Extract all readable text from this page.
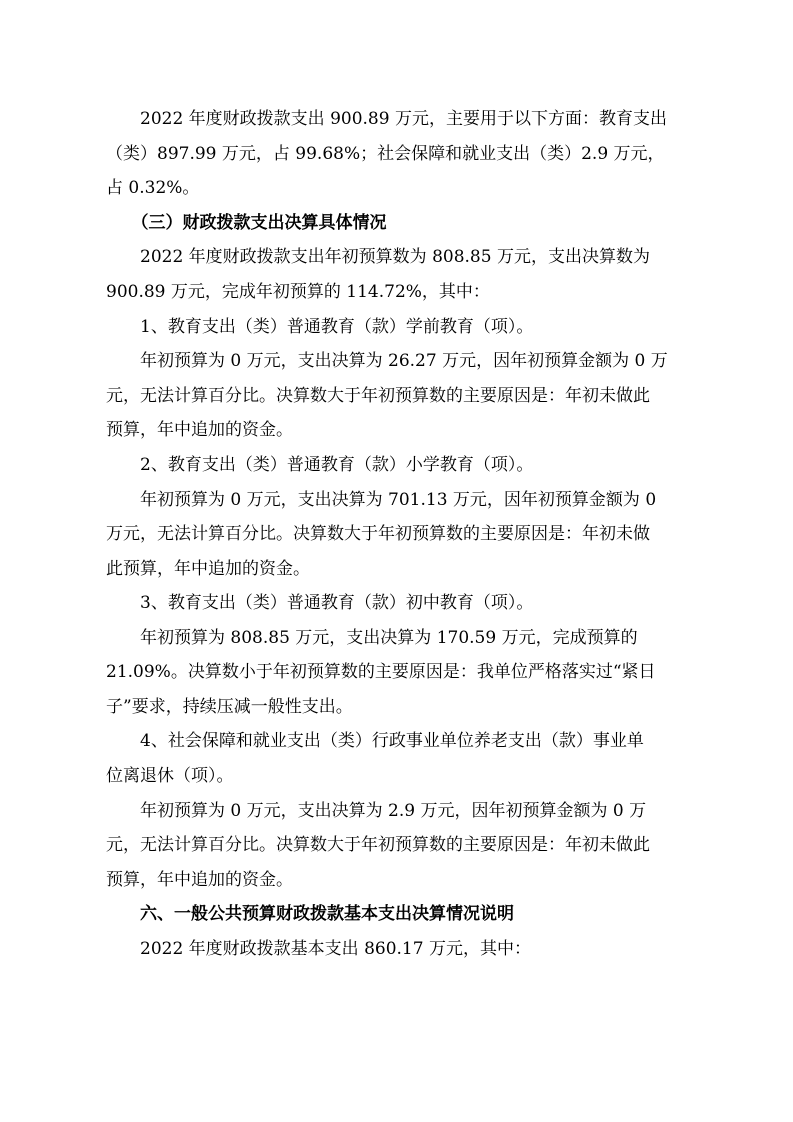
　　2022 年度财政拨款支出 900.89 万元，主要用于以下方面：教育支出
（类）897.99 万元，占 99.68%；社会保障和就业支出（类）2.9 万元，
占 0.32%。
　　（三）财政拨款支出决算具体情况
　　2022 年度财政拨款支出年初预算数为 808.85 万元，支出决算数为
900.89 万元，完成年初预算的 114.72%，其中：
　　1、教育支出（类）普通教育（款）学前教育（项）。
　　年初预算为 0 万元，支出决算为 26.27 万元，因年初预算金额为 0 万
元，无法计算百分比。决算数大于年初预算数的主要原因是：年初未做此
预算，年中追加的资金。
　　2、教育支出（类）普通教育（款）小学教育（项）。
　　年初预算为 0 万元，支出决算为 701.13 万元，因年初预算金额为 0
万元，无法计算百分比。决算数大于年初预算数的主要原因是：年初未做
此预算，年中追加的资金。
　　3、教育支出（类）普通教育（款）初中教育（项）。
　　年初预算为 808.85 万元，支出决算为 170.59 万元，完成预算的
21.09%。决算数小于年初预算数的主要原因是：我单位严格落实过“紧日
子”要求，持续压减一般性支出。
　　4、社会保障和就业支出（类）行政事业单位养老支出（款）事业单
位离退休（项）。
　　年初预算为 0 万元，支出决算为 2.9 万元，因年初预算金额为 0 万
元，无法计算百分比。决算数大于年初预算数的主要原因是：年初未做此
预算，年中追加的资金。
　　六、一般公共预算财政拨款基本支出决算情况说明
　　2022 年度财政拨款基本支出 860.17 万元，其中：
